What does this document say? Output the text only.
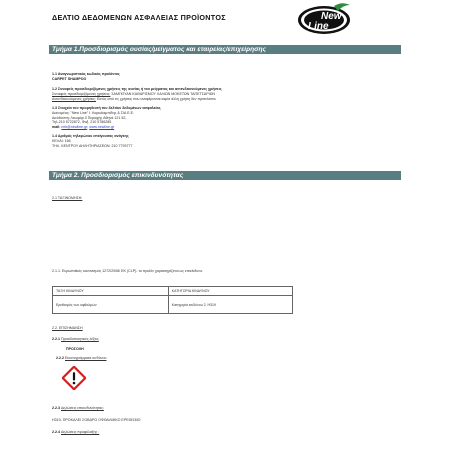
ΔΕΛΤΙΟ ΔΕΔΟΜΕΝΩΝ ΑΣΦΑΛΕΙΑΣ ΠΡΟΪΟΝΤΟΣ	New
Line
Τμήμα 1.Προσδιορισμός ουσίας/μείγματος και εταιρείας/επιχείρησης
1.1 Αναγνωριστικός κωδικός προϊόντος
CARPET SHAMPOO
1.2 Συναφείς προσδιοριζόμενες χρήσεις της ουσίας ή του μείγματος και αντενδεικνυόμενες χρήσεις
Συναφείς προσδιοριζόμενες χρήσεις: ΣΑΜΠΟΥΑΝ ΚΑΘΑΡΙΣΜΟΥ ΧΑΛΙΩΝ ΜΟΚΕΤΩΝ ΤΑΠΕΤΣΑΡΙΩΝ
Αντενδεικνυόμενες χρήσεις: Εκτός από τις χρήσεις που αναφέρονται καμία άλλη χρήση δεν προτείνεται.
1.3 Στοιχεία του προμηθευτή του δελτίου δεδομένων ασφαλείας
Διανομέας: "New Line" Ι. Καραλιαμπίδης & ΣΙΑ Ε.Ε.
Διεύθυνση: Λεωφόρ.3 Περιοχής Αθηνά 121 52,
Τηλ.210 5722872, Φαξ. 210 5786285
mail: info@newline.gr; www.newline.gr
1.4 Αριθμός τηλεφώνου επείγουσας ανάγκης
ΚΕΛΑΙ: 166
ΤΗΛ. ΚΕΝΤΡΟΥ ΔΗΛΗΤΗΡΙΑΣΕΩΝ: 210 7793777
Τμήμα 2. Προσδιορισμός επικινδυνότητας
2.1 ΤΑΞΙΝΟΜΗΣΗ:
2.1.1. Ευρωπαϊκός κανονισμός 1272/2008/ ΕΚ (CLP)- το προϊόν χαρακτηρίζεται ως επικίνδυνο.
ΤΑΞΗ ΚΙΝΔΥΝΟΥ	ΚΑΤΗΓΟΡΙΑ ΚΙΝΔΥΝΟΥ
Ερεθισμός των οφθαλμών	Κατηγορία κινδύνου 2, Η319
2.2. ΕΠΙΣΗΜΑΝΣΗ
2.2.1 Προειδοποιητικές λέξεις
ΠΡΟΣΟΧΗ
2.2.2 Εικονογράμματα κινδύνου
2.2.3 Δηλώσεις επικινδυνότητας:
Η319- ΠΡΟΚΑΛΕΙ ΣΟΒΑΡΟ ΟΦΘΑΛΜΙΚΟ ΕΡΕΘΙΣΜΟ
2.2.4 Δηλώσεις προφύλαξης :
